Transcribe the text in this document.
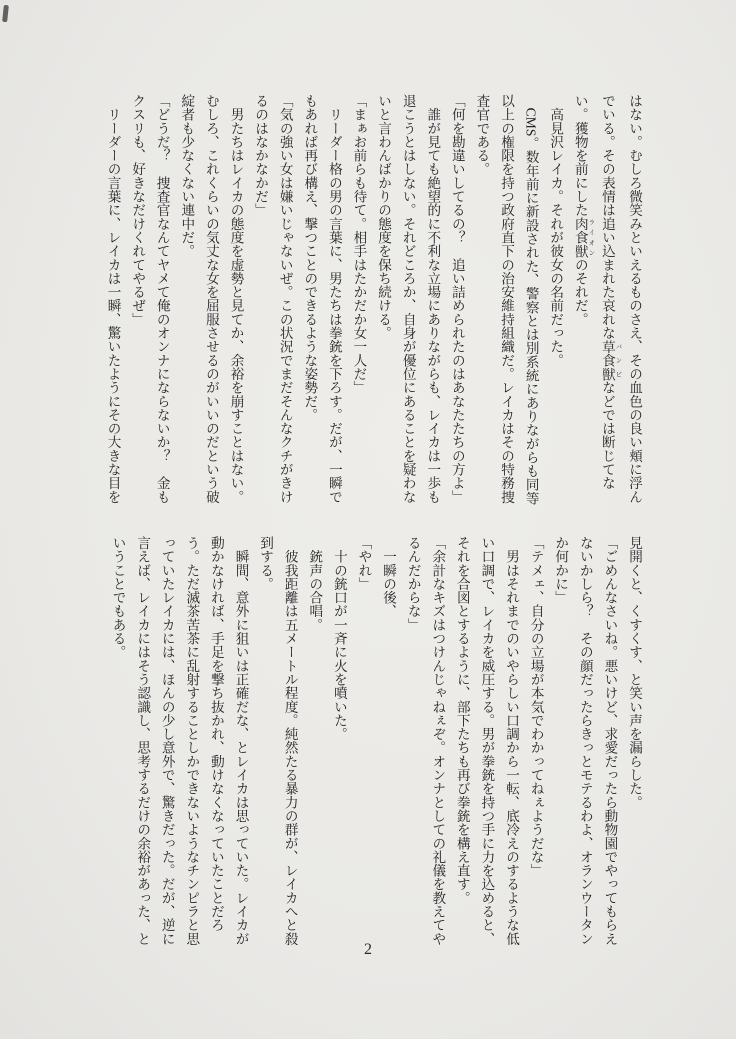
はない。むしろ微笑みといえるものさえ、その血色の良い頬に浮ん
でいる。その表情は追い込まれた哀れな草食獣 バンビなどでは断じてな
い。獲物を前にした肉食獣 ライオンのそれだ。
　高見沢レイカ。それが彼女の名前だった。
　CMS。数年前に新設された、警察とは別系統にありながらも同等
以上の権限を持つ政府直下の治安維持組織だ。レイカはその特務捜
査官である。
「何を勘違いしてるの？　追い詰められたのはあなたたちの方よ」
　誰が見ても絶望的に不利な立場にありながらも、レイカは一歩も
退こうとはしない。それどころか、自身が優位にあることを疑わな
いと言わんばかりの態度を保ち続ける。
「まぁお前らも待て。相手はたかだか女一人だ」
　リーダー格の男の言葉に、男たちは拳銃を下ろす。だが、一瞬で
もあれば再び構え、撃つことのできるような姿勢だ。
「気の強い女は嫌いじゃないぜ。この状況でまだそんなクチがきけ
るのはなかなかだ」
　男たちはレイカの態度を虚勢と見てか、余裕を崩すことはない。
むしろ、これくらいの気丈な女を屈服させるのがいいのだという破
綻者も少なくない連中だ。
「どうだ？　捜査官なんてヤメて俺のオンナにならないか？　金も
クスリも、好きなだけくれてやるぜ」
　リーダーの言葉に、レイカは一瞬、驚いたようにその大きな目を
見開くと、くすくす、と笑い声を漏らした。
「ごめんなさいね。悪いけど、求愛だったら動物園でやってもらえ
ないかしら？　その顔だったらきっとモテるわよ、オランウータン
か何かに」
「テメェ、自分の立場が本気でわかってねぇようだな」
　男はそれまでのいやらしい口調から一転、底冷えのするような低
い口調で、レイカを威圧する。男が拳銃を持つ手に力を込めると、
それを合図とするように、部下たちも再び拳銃を構え直す。
「余計なキズはつけんじゃねぇぞ。オンナとしての礼儀を教えてや
るんだからな」
　一瞬の後、
「やれ」
　十の銃口が一斉に火を噴いた。
　銃声の合唱。
　彼我距離は五メートル程度。純然たる暴力の群が、レイカへと殺
到する。
　瞬間、意外に狙いは正確だな、とレイカは思っていた。レイカが
動かなければ、手足を撃ち抜かれ、動けなくなっていたことだろ
う。ただ滅茶苦茶に乱射することしかできないようなチンピラと思
っていたレイカには、ほんの少し意外で、驚きだった。だが、逆に
言えば、レイカにはそう認識し、思考するだけの余裕があった、と
いうことでもある。
2
